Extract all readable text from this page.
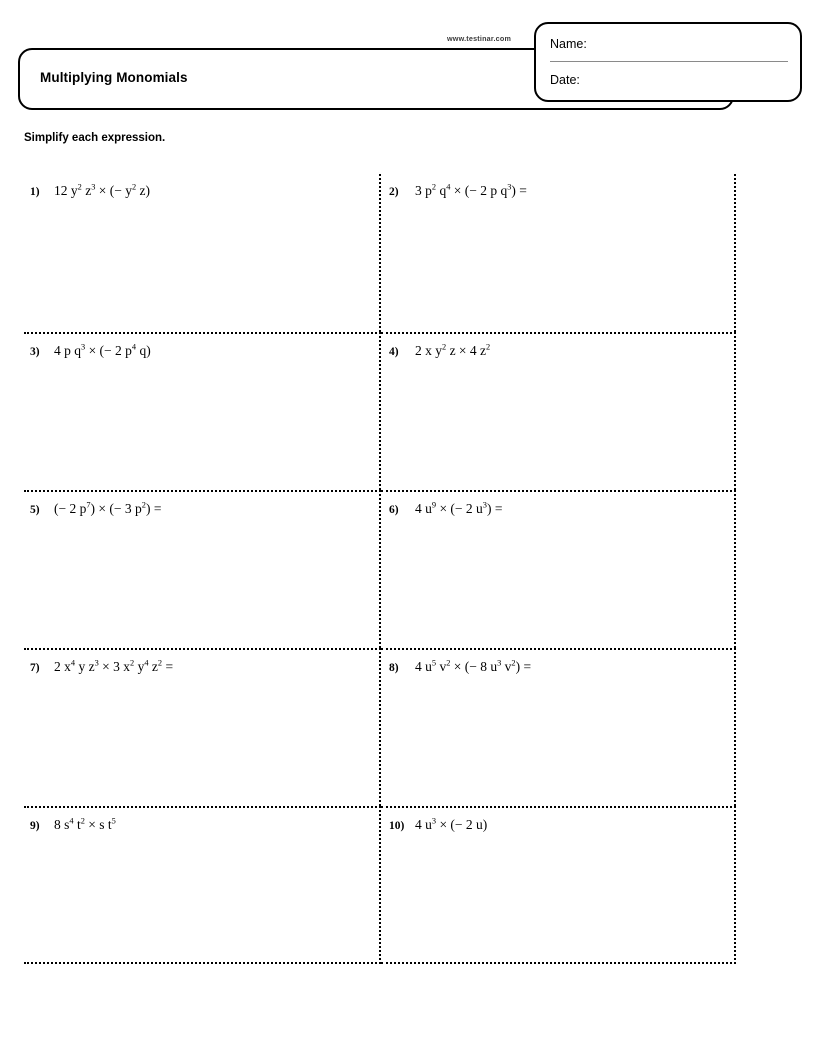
www.testinar.com
Multiplying Monomials
Name:
Date:
Simplify each expression.
1)	12 $y^2$ $z^3$ × (− $y^2$ z)	2)	3 $p^2$ $q^4$ × (− 2 p $q^3$) =
3)	4 p $q^3$ × (− 2 $p^4$ q)	4)	2 x $y^2$ z × 4 $z^2$
5)	(− 2 $p^7$) × (− 3 $p^2$) =	6)	4 $u^9$ × (− 2 $u^3$) =
7)	2 $x^4$ y $z^3 \times 3$ $x^2$ $y^4$ $z^2$ =	8)	4 $u^5$ $v^2$ × (− 8 $u^3$ $v^2$) =
9)	8 $s^4$ $t^2 \times s$ $t^5$	10) 4 $u^3$ × (− 2 u)
